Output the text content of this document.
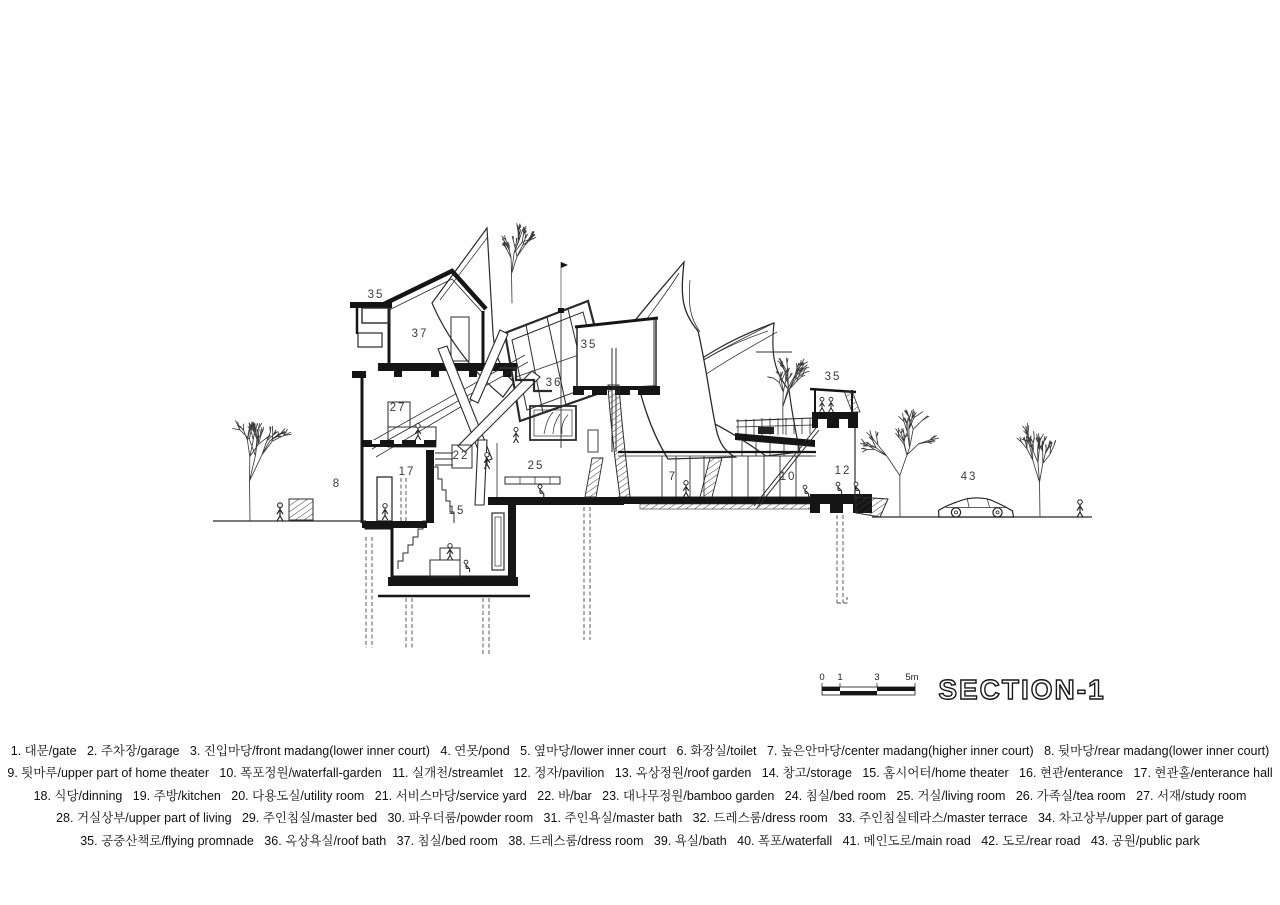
0 1	3	5m SECTION-1
35
37
35
36
27
22
25
17
8
15
7	10	12
35
43
1. 대문/gate   2. 주차장/garage   3. 진입마당/front madang(lower inner court)   4. 연못/pond   5. 옆마당/lower inner court   6. 화장실/toilet   7. 높은안마당/center madang(higher inner court)   8. 뒷마당/rear madang(lower inner court)
9. 툇마루/upper part of home theater   10. 폭포정원/waterfall-garden   11. 실개천/streamlet   12. 정자/pavilion   13. 옥상정원/roof garden   14. 창고/storage   15. 홈시어터/home theater   16. 현관/enterance   17. 현관홀/enterance hall
18. 식당/dinning   19. 주방/kitchen   20. 다용도실/utility room   21. 서비스마당/service yard   22. 바/bar   23. 대나무정원/bamboo garden   24. 침실/bed room   25. 거실/living room   26. 가족실/tea room   27. 서재/study room
28. 거실상부/upper part of living   29. 주인침실/master bed   30. 파우더룸/powder room   31. 주인욕실/master bath   32. 드레스룸/dress room   33. 주인침실테라스/master terrace   34. 차고상부/upper part of garage
35. 공중산책로/flying promnade   36. 옥상욕실/roof bath   37. 침실/bed room   38. 드레스룸/dress room   39. 욕실/bath   40. 폭포/waterfall   41. 메인도로/main road   42. 도로/rear road   43. 공원/public park
